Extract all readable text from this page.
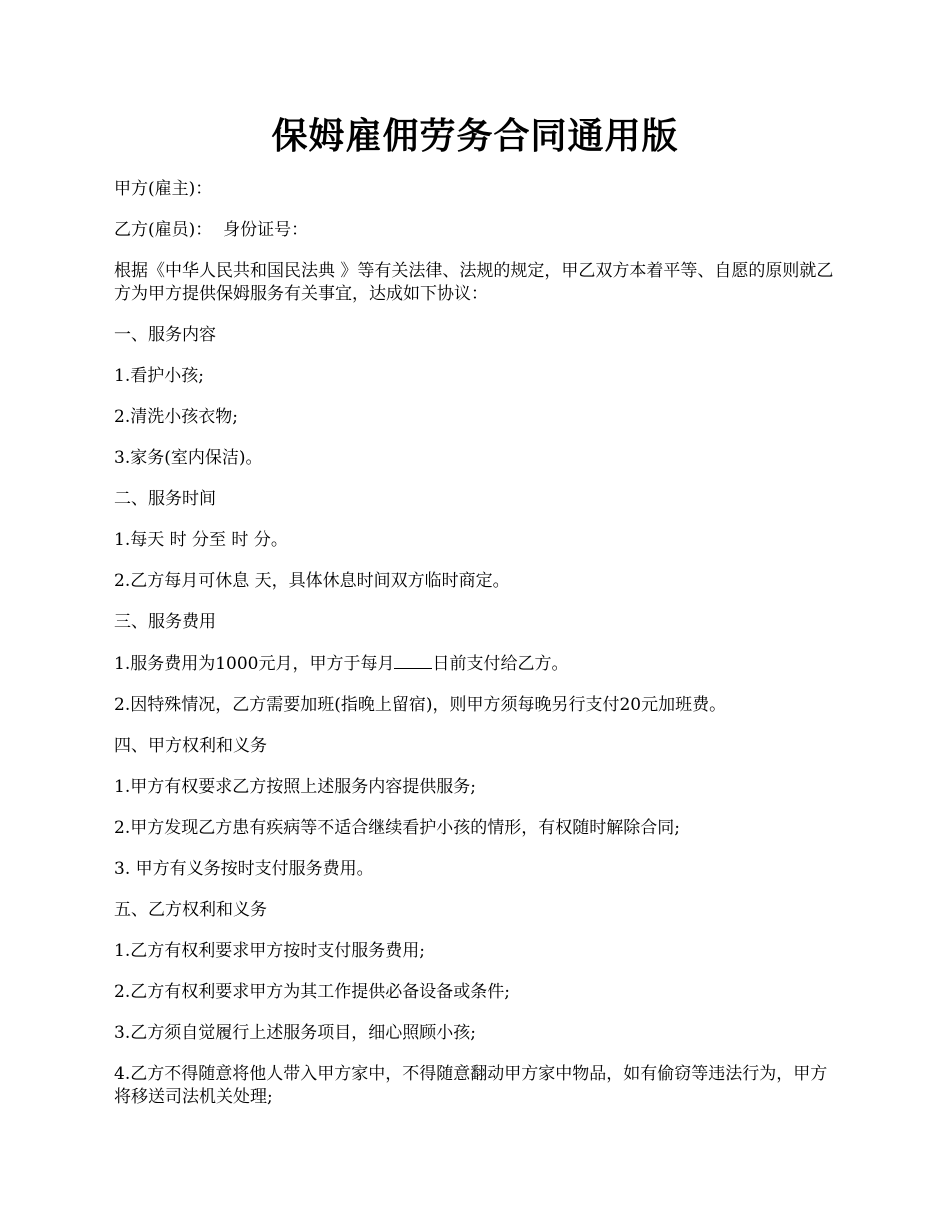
保姆雇佣劳务合同通用版
甲方(雇主)：
乙方(雇员)：  身份证号：
根据《中华人民共和国民法典 》等有关法律、法规的规定，甲乙双方本着平等、自愿的原则就乙方为甲方提供保姆服务有关事宜，达成如下协议：
一、服务内容
1.看护小孩;
2.清洗小孩衣物;
3.家务(室内保洁)。
二、服务时间
1.每天 时 分至 时 分。
2.乙方每月可休息 天，具体休息时间双方临时商定。
三、服务费用
1.服务费用为1000元月，甲方于每月 日前支付给乙方。
2.因特殊情况，乙方需要加班(指晚上留宿)，则甲方须每晚另行支付20元加班费。
四、甲方权利和义务
1.甲方有权要求乙方按照上述服务内容提供服务;
2.甲方发现乙方患有疾病等不适合继续看护小孩的情形，有权随时解除合同;
3. 甲方有义务按时支付服务费用。
五、乙方权利和义务
1.乙方有权利要求甲方按时支付服务费用;
2.乙方有权利要求甲方为其工作提供必备设备或条件;
3.乙方须自觉履行上述服务项目，细心照顾小孩;
4.乙方不得随意将他人带入甲方家中，不得随意翻动甲方家中物品，如有偷窃等违法行为，甲方将移送司法机关处理;
